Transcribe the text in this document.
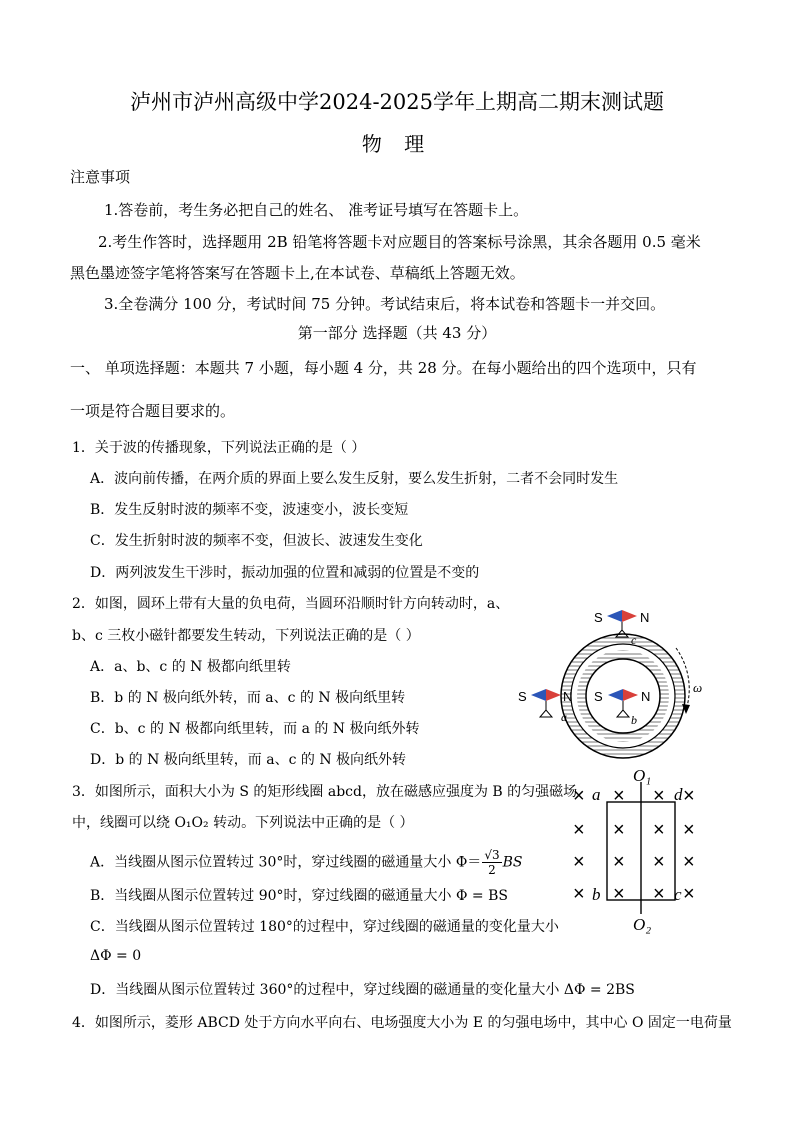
泸州市泸州高级中学2024-2025学年上期高二期末测试题
物 理
注意事项
1.答卷前，考生务必把自己的姓名、 准考证号填写在答题卡上。
2.考生作答时，选择题用 2B 铅笔将答题卡对应题目的答案标号涂黑，其余各题用 0.5 毫米
黑色墨迹签字笔将答案写在答题卡上,在本试卷、草稿纸上答题无效。
3.全卷满分 100 分，考试时间 75 分钟。考试结束后，将本试卷和答题卡一并交回。
第一部分 选择题（共 43 分）
一、 单项选择题：本题共 7 小题，每小题 4 分，共 28 分。在每小题给出的四个选项中，只有
一项是符合题目要求的。
1．关于波的传播现象，下列说法正确的是（ ）
A．波向前传播，在两介质的界面上要么发生反射，要么发生折射，二者不会同时发生
B．发生反射时波的频率不变，波速变小，波长变短
C．发生折射时波的频率不变，但波长、波速发生变化
D．两列波发生干涉时，振动加强的位置和减弱的位置是不变的
2．如图，圆环上带有大量的负电荷，当圆环沿顺时针方向转动时，a、
b、c 三枚小磁针都要发生转动，下列说法正确的是（ ）
A．a、b、c 的 N 极都向纸里转
B．b 的 N 极向纸外转，而 a、c 的 N 极向纸里转
C．b、c 的 N 极都向纸里转，而 a 的 N 极向纸外转
D．b 的 N 极向纸里转，而 a、c 的 N 极向纸外转
ω
S	N
c
S	N
a
S	N
b
3．如图所示，面积大小为 S 的矩形线圈 abcd，放在磁感应强度为 B 的匀强磁场
中，线圈可以绕 O₁O₂ 转动。下列说法中正确的是（ ）
A．当线圈从图示位置转过 30°时，穿过线圈的磁通量大小 $\Phi= \frac{√3}{2}$ BS
B．当线圈从图示位置转过 90°时，穿过线圈的磁通量大小 Φ = BS
C．当线圈从图示位置转过 180°的过程中，穿过线圈的磁通量的变化量大小
ΔΦ = 0
D．当线圈从图示位置转过 360°的过程中，穿过线圈的磁通量的变化量大小 ΔΦ = 2BS
× × × ×
× × × ×
× × × ×
× × × ×
O₁
O₂
a	d
b	c
4．如图所示，菱形 ABCD 处于方向水平向右、电场强度大小为 E 的匀强电场中，其中心 O 固定一电荷量
